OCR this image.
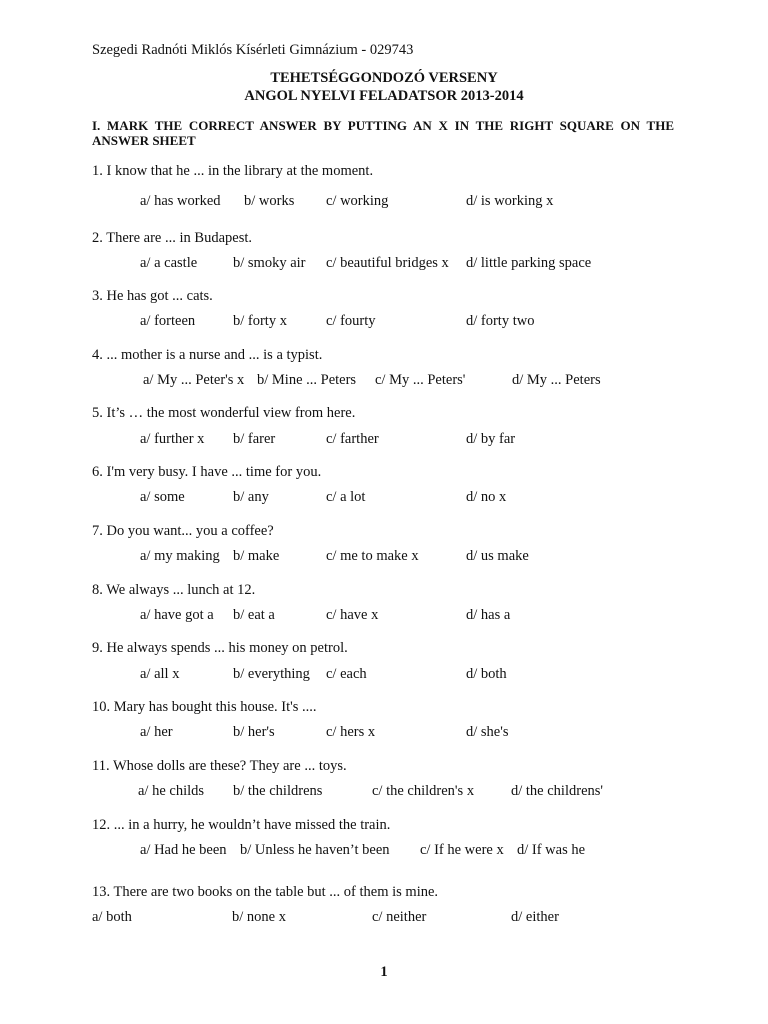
Szegedi Radnóti Miklós Kísérleti Gimnázium - 029743
TEHETSÉGGONDOZÓ VERSENY
ANGOL NYELVI FELADATSOR 2013-2014
I. MARK THE CORRECT ANSWER BY PUTTING AN X IN THE RIGHT SQUARE ON THE ANSWER SHEET
1. I know that he ... in the library at the moment.
a/ has worked b/ works c/ working	d/ is working x
2. There are ... in Budapest.
a/ a castle b/ smoky air c/ beautiful bridges x d/ little parking space
3. He has got ... cats.
a/ forteen	b/ forty x	c/ fourty	d/ forty two
4. ... mother is a nurse and ... is a typist.
a/ My ... Peter's x b/ Mine ... Peters c/ My ... Peters'	d/ My ... Peters
5. It’s … the most wonderful view from here.
a/ further x b/ farer	c/ farther	d/ by far
6. I'm very busy. I have ... time for you.
a/ some	b/ any	c/ a lot	d/ no x
7. Do you want... you a coffee?
a/ my making b/ make	c/ me to make x	d/ us make
8. We always ... lunch at 12.
a/ have got a b/ eat a	c/ have x	d/ has a
9. He always spends ... his money on petrol.
a/ all x	b/ everything c/ each	d/ both
10. Mary has bought this house. It's ....
a/ her	b/ her's	c/ hers x	d/ she's
11. Whose dolls are these? They are ... toys.
a/ he childs b/ the childrens	c/ the children's x	d/ the childrens'
12. ... in a hurry, he wouldn’t have missed the train.
a/ Had he been b/ Unless he haven’t been c/ If he were x d/ If was he
13. There are two books on the table but ... of them is mine.
a/ both	b/ none x	c/ neither	d/ either
1
